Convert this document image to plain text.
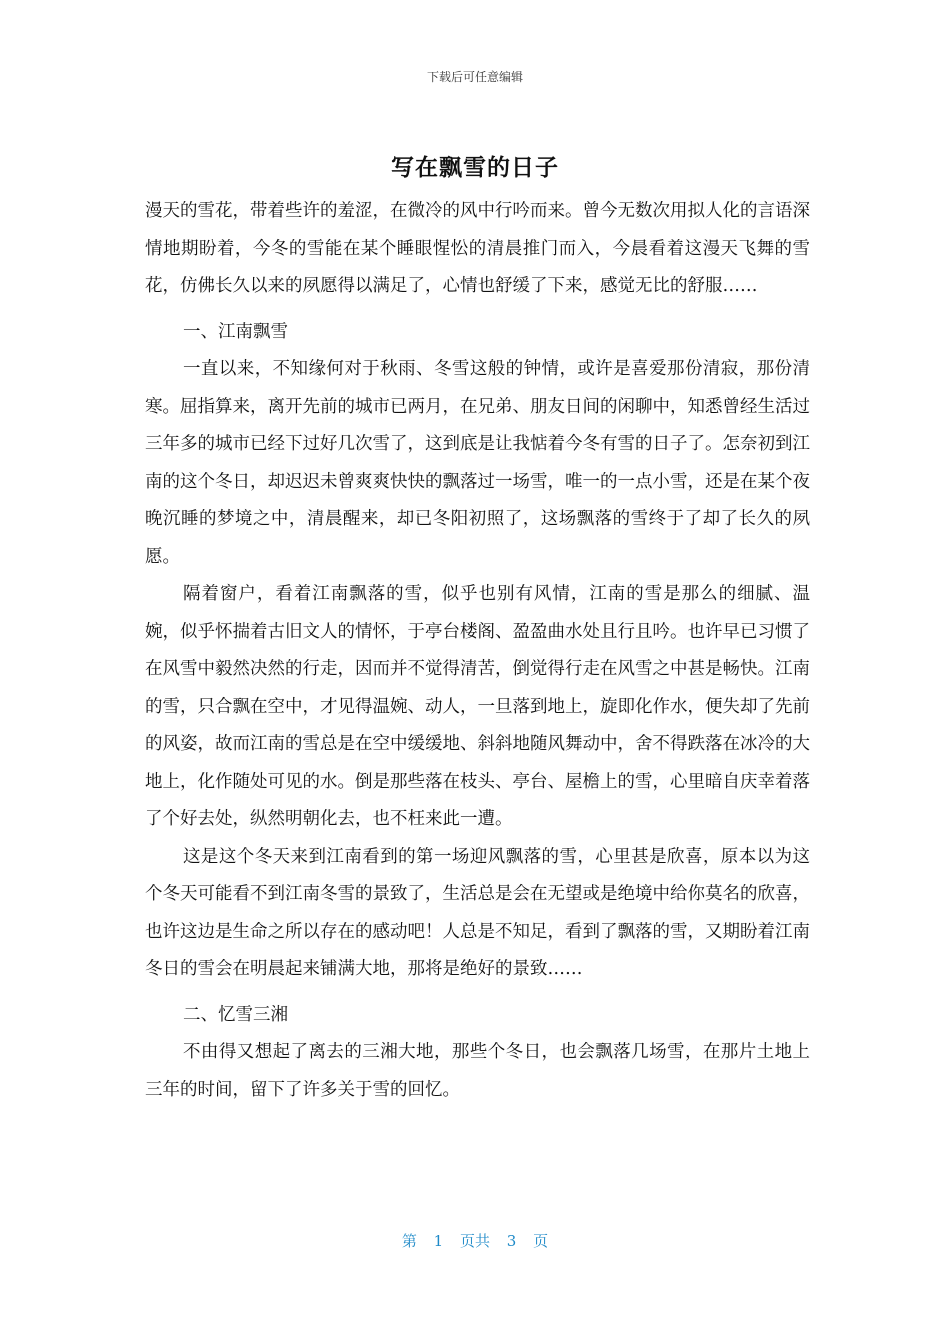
下载后可任意编辑
写在飘雪的日子

漫天的雪花，带着些许的羞涩，在微冷的风中行吟而来。曾今无数次用拟人化的言语深情地期盼着，今冬的雪能在某个睡眼惺忪的清晨推门而入，今晨看着这漫天飞舞的雪花，仿佛长久以来的夙愿得以满足了，心情也舒缓了下来，感觉无比的舒服……

一、江南飘雪

一直以来，不知缘何对于秋雨、冬雪这般的钟情，或许是喜爱那份清寂，那份清寒。屈指算来，离开先前的城市已两月，在兄弟、朋友日间的闲聊中，知悉曾经生活过三年多的城市已经下过好几次雪了，这到底是让我惦着今冬有雪的日子了。怎奈初到江南的这个冬日，却迟迟未曾爽爽快快的飘落过一场雪，唯一的一点小雪，还是在某个夜晚沉睡的梦境之中，清晨醒来，却已冬阳初照了，这场飘落的雪终于了却了长久的夙愿。

隔着窗户，看着江南飘落的雪，似乎也别有风情，江南的雪是那么的细腻、温婉，似乎怀揣着古旧文人的情怀，于亭台楼阁、盈盈曲水处且行且吟。也许早已习惯了在风雪中毅然决然的行走，因而并不觉得清苦，倒觉得行走在风雪之中甚是畅快。江南的雪，只合飘在空中，才见得温婉、动人，一旦落到地上，旋即化作水，便失却了先前的风姿，故而江南的雪总是在空中缓缓地、斜斜地随风舞动中，舍不得跌落在冰冷的大地上，化作随处可见的水。倒是那些落在枝头、亭台、屋檐上的雪，心里暗自庆幸着落了个好去处，纵然明朝化去，也不枉来此一遭。

这是这个冬天来到江南看到的第一场迎风飘落的雪，心里甚是欣喜，原本以为这个冬天可能看不到江南冬雪的景致了，生活总是会在无望或是绝境中给你莫名的欣喜，也许这边是生命之所以存在的感动吧！人总是不知足，看到了飘落的雪，又期盼着江南冬日的雪会在明晨起来铺满大地，那将是绝好的景致……

二、忆雪三湘

不由得又想起了离去的三湘大地，那些个冬日，也会飘落几场雪，在那片土地上三年的时间，留下了许多关于雪的回忆。

第 1 页共 3 页
